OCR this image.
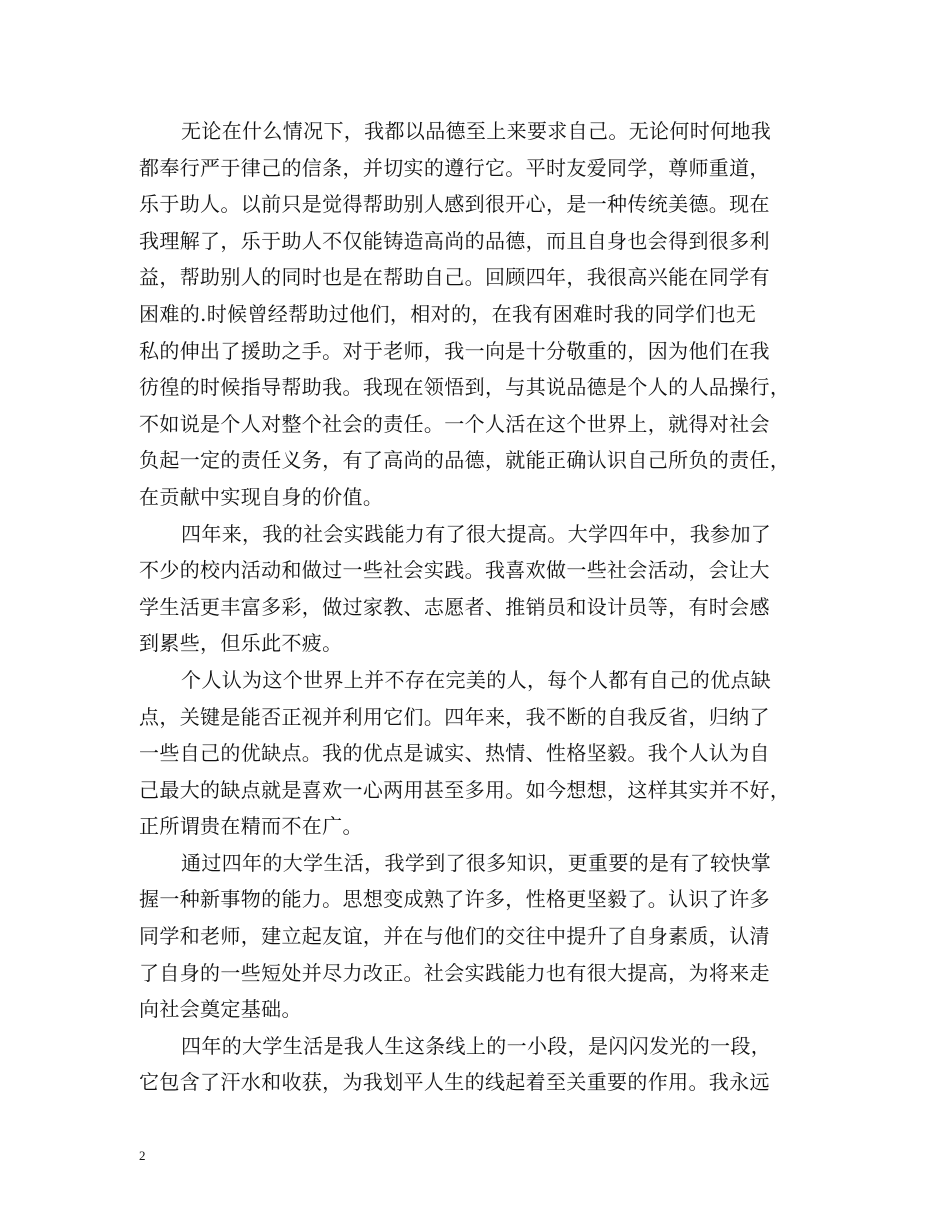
无论在什么情况下，我都以品德至上来要求自己。无论何时何地我
都奉行严于律己的信条，并切实的遵行它。平时友爱同学，尊师重道，
乐于助人。以前只是觉得帮助别人感到很开心，是一种传统美德。现在
我理解了，乐于助人不仅能铸造高尚的品德，而且自身也会得到很多利
益，帮助别人的同时也是在帮助自己。回顾四年，我很高兴能在同学有
困难的.时候曾经帮助过他们，相对的，在我有困难时我的同学们也无
私的伸出了援助之手。对于老师，我一向是十分敬重的，因为他们在我
彷徨的时候指导帮助我。我现在领悟到，与其说品德是个人的人品操行，
不如说是个人对整个社会的责任。一个人活在这个世界上，就得对社会
负起一定的责任义务，有了高尚的品德，就能正确认识自己所负的责任，
在贡献中实现自身的价值。
四年来，我的社会实践能力有了很大提高。大学四年中，我参加了
不少的校内活动和做过一些社会实践。我喜欢做一些社会活动，会让大
学生活更丰富多彩，做过家教、志愿者、推销员和设计员等，有时会感
到累些，但乐此不疲。
个人认为这个世界上并不存在完美的人，每个人都有自己的优点缺
点，关键是能否正视并利用它们。四年来，我不断的自我反省，归纳了
一些自己的优缺点。我的优点是诚实、热情、性格坚毅。我个人认为自
己最大的缺点就是喜欢一心两用甚至多用。如今想想，这样其实并不好，
正所谓贵在精而不在广。
通过四年的大学生活，我学到了很多知识，更重要的是有了较快掌
握一种新事物的能力。思想变成熟了许多，性格更坚毅了。认识了许多
同学和老师，建立起友谊，并在与他们的交往中提升了自身素质，认清
了自身的一些短处并尽力改正。社会实践能力也有很大提高，为将来走
向社会奠定基础。
四年的大学生活是我人生这条线上的一小段，是闪闪发光的一段，
它包含了汗水和收获，为我划平人生的线起着至关重要的作用。我永远
2
